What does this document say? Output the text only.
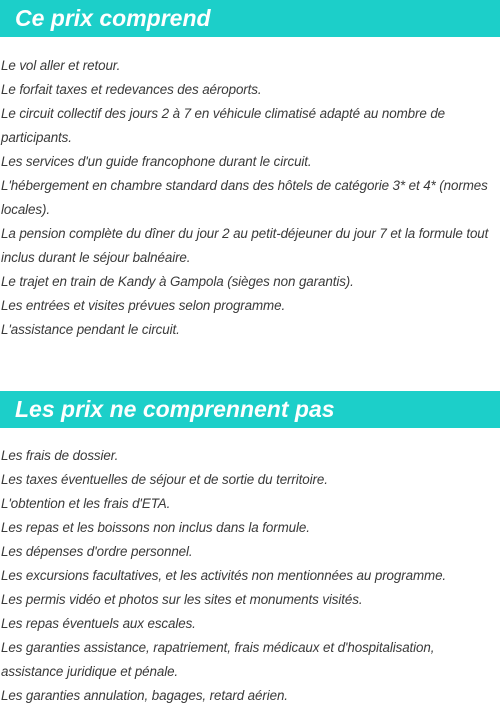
Ce prix comprend
Le vol aller et retour.
Le forfait taxes et redevances des aéroports.
Le circuit collectif des jours 2 à 7 en véhicule climatisé adapté au nombre de participants.
Les services d'un guide francophone durant le circuit.
L'hébergement en chambre standard dans des hôtels de catégorie 3* et 4* (normes locales).
La pension complète du dîner du jour 2 au petit-déjeuner du jour 7 et la formule tout inclus durant le séjour balnéaire.
Le trajet en train de Kandy à Gampola (sièges non garantis).
Les entrées et visites prévues selon programme.
L'assistance pendant le circuit.
Les prix ne comprennent pas
Les frais de dossier.
Les taxes éventuelles de séjour et de sortie du territoire.
L'obtention et les frais d'ETA.
Les repas et les boissons non inclus dans la formule.
Les dépenses d'ordre personnel.
Les excursions facultatives, et les activités non mentionnées au programme.
Les permis vidéo et photos sur les sites et monuments visités.
Les repas éventuels aux escales.
Les garanties assistance, rapatriement, frais médicaux et d'hospitalisation, assistance juridique et pénale.
Les garanties annulation, bagages, retard aérien.
